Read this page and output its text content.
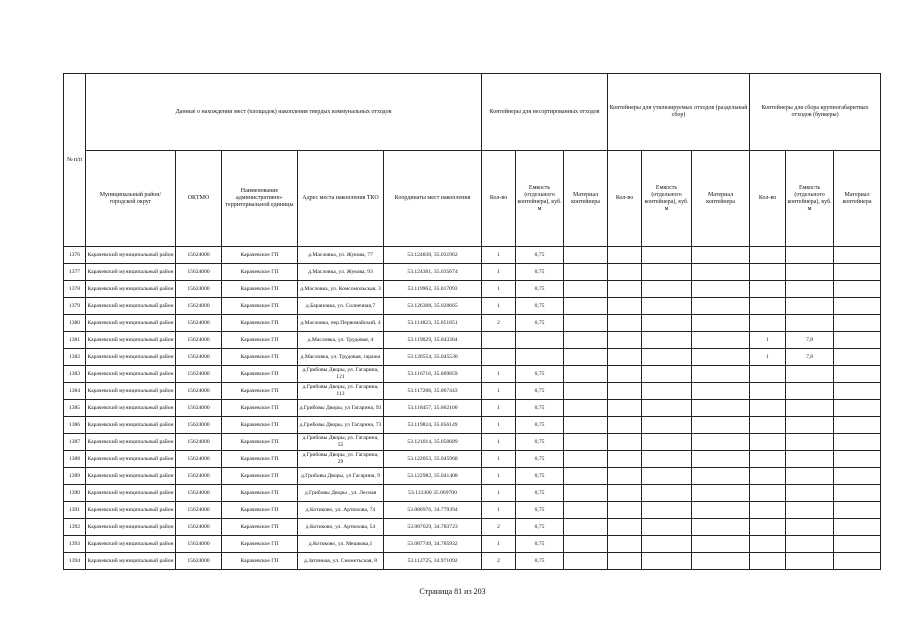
№ п/п	Данные о нахождении мест (площадок) накопления твердых коммунальных отходов					Контейнеры для несортированных отходов			Контейнеры для утилизируемых отходов (раздельный сбор)			Контейнеры для сбора крупногабаритных отходов (бункеры)		
	Муниципальный район/городской округ	ОКТМО	Наименование административно-территориальной единицы	Адрес места накопления ТКО	Координаты мест накопления	Кол-во	Емкость (отдельного контейнера), куб. м	Материал контейнера	Кол-во	Емкость (отдельного контейнера), куб. м	Материал контейнера	Кол-во	Емкость (отдельного контейнера), куб. м	Материал контейнера
1376	Карачевский муниципальный район	15624000	Карачевское ГП	д.Масловка, ул. Жукова, 77	53.124830, 35.031962	1	0,75							
1377	Карачевский муниципальный район	15624000	Карачевское ГП	д.Масловка, ул. Жукова, 93	53.124301, 35.035674	1	0,75							
1378	Карачевский муниципальный район	15624000	Карачевское ГП	д.Масловка, ул. Комсомольская, 3	53.119962, 35.017093	1	0,75							
1379	Карачевский муниципальный район	15624000	Карачевское ГП	д.Барановка, ул. Солнечная,7	53.126308, 35.020665	1	0,75							
1380	Карачевский муниципальный район	15624000	Карачевское ГП	д.Масловка, пер.Первомайский, 4	53.114823, 35.051851	2	0,75							
1381	Карачевский муниципальный район	15624000	Карачевское ГП	д.Масловка, ул. Трудовая, 4	53.119029, 35.043304							1	7,8	
1382	Карачевский муниципальный район	15624000	Карачевское ГП	д.Масловка, ул. Трудовая, гаражи	53.120554, 35.045530							1	7,8	
1383	Карачевский муниципальный район	15624000	Карачевское ГП	д.Грибовы Дворы, ул. Гагарина, 121	53.116716, 35.069859	1	0,75							
1384	Карачевский муниципальный район	15624000	Карачевское ГП	д.Грибовы Дворы, ул. Гагарина, 113	53.117288, 35.067443	1	0,75							
1385	Карачевский муниципальный район	15624000	Карачевское ГП	д.Грибовы Дворы, ул Гагарина, 93	53.118457, 35.062100	1	0,75							
1386	Карачевский муниципальный район	15624000	Карачевское ГП	д.Грибовы Дворы, ул Гагарина, 73	53.119824, 35.056149	1	0,75							
1387	Карачевский муниципальный район	15624000	Карачевское ГП	д.Грибовы Дворы, ул. Гагарина, 55	53.121014, 35.050689	1	0,75							
1388	Карачевский муниципальный район	15624000	Карачевское ГП	д.Грибовы Дворы, ул. Гагарина, 29	53.122053, 35.045968	1	0,75							
1389	Карачевский муниципальный район	15624000	Карачевское ГП	д.Грибовы Дворы, ул Гагарина, 9	53.122982, 35.041408	1	0,75							
1390	Карачевский муниципальный район	15624000	Карачевское ГП	д.Грибовы Дворы , ул. Лесная	53.113300 35.069700	1	0,75							
1391	Карачевский муниципальный район	15624000	Карачевское ГП	д.Котиково, ул. Артюхова, 74	53.086976, 34.779394	1	0,75							
1392	Карачевский муниципальный район	15624000	Карачевское ГП	д.Котиково, ул. Артюхова, 54	53.087629, 34.783723	2	0,75							
1393	Карачевский муниципальный район	15624000	Карачевское ГП	д.Котиково, ул. Мешкова,1	53.087749, 34.785932	1	0,75							
1394	Карачевский муниципальный район	15624000	Карачевское ГП	д.Затинная, ул. Снежетьская, 8	53.112725, 34.971092	2	0,75							
Страница 81 из 203
